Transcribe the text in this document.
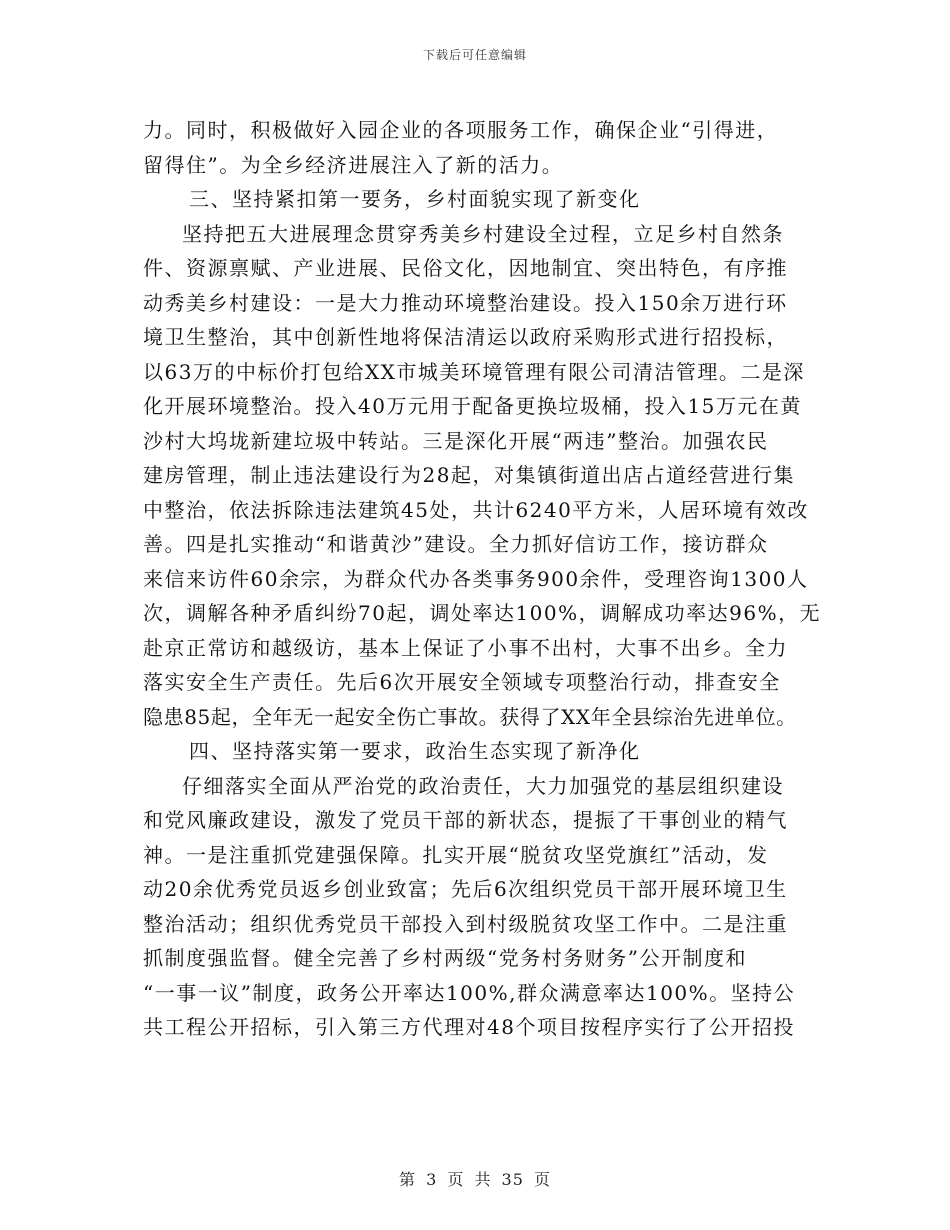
下载后可任意编辑
力。同时，积极做好入园企业的各项服务工作，确保企业“引得进，
留得住”。为全乡经济进展注入了新的活力。
三、坚持紧扣第一要务，乡村面貌实现了新变化
坚持把五大进展理念贯穿秀美乡村建设全过程，立足乡村自然条
件、资源禀赋、产业进展、民俗文化，因地制宜、突出特色，有序推
动秀美乡村建设：一是大力推动环境整治建设。投入150余万进行环
境卫生整治，其中创新性地将保洁清运以政府采购形式进行招投标，
以63万的中标价打包给XX市城美环境管理有限公司清洁管理。二是深
化开展环境整治。投入40万元用于配备更换垃圾桶，投入15万元在黄
沙村大坞垅新建垃圾中转站。三是深化开展“两违”整治。加强农民
建房管理，制止违法建设行为28起，对集镇街道出店占道经营进行集
中整治，依法拆除违法建筑45处，共计6240平方米，人居环境有效改
善。四是扎实推动“和谐黄沙”建设。全力抓好信访工作，接访群众
来信来访件60余宗，为群众代办各类事务900余件，受理咨询1300人
次，调解各种矛盾纠纷70起，调处率达100%，调解成功率达96%，无
赴京正常访和越级访，基本上保证了小事不出村，大事不出乡。全力
落实安全生产责任。先后6次开展安全领域专项整治行动，排查安全
隐患85起，全年无一起安全伤亡事故。获得了XX年全县综治先进单位。
四、坚持落实第一要求，政治生态实现了新净化
仔细落实全面从严治党的政治责任，大力加强党的基层组织建设
和党风廉政建设，激发了党员干部的新状态，提振了干事创业的精气
神。一是注重抓党建强保障。扎实开展“脱贫攻坚党旗红”活动，发
动20余优秀党员返乡创业致富；先后6次组织党员干部开展环境卫生
整治活动；组织优秀党员干部投入到村级脱贫攻坚工作中。二是注重
抓制度强监督。健全完善了乡村两级“党务村务财务”公开制度和
“一事一议”制度，政务公开率达100%,群众满意率达100%。坚持公
共工程公开招标，引入第三方代理对48个项目按程序实行了公开招投
第 3 页 共 35 页
